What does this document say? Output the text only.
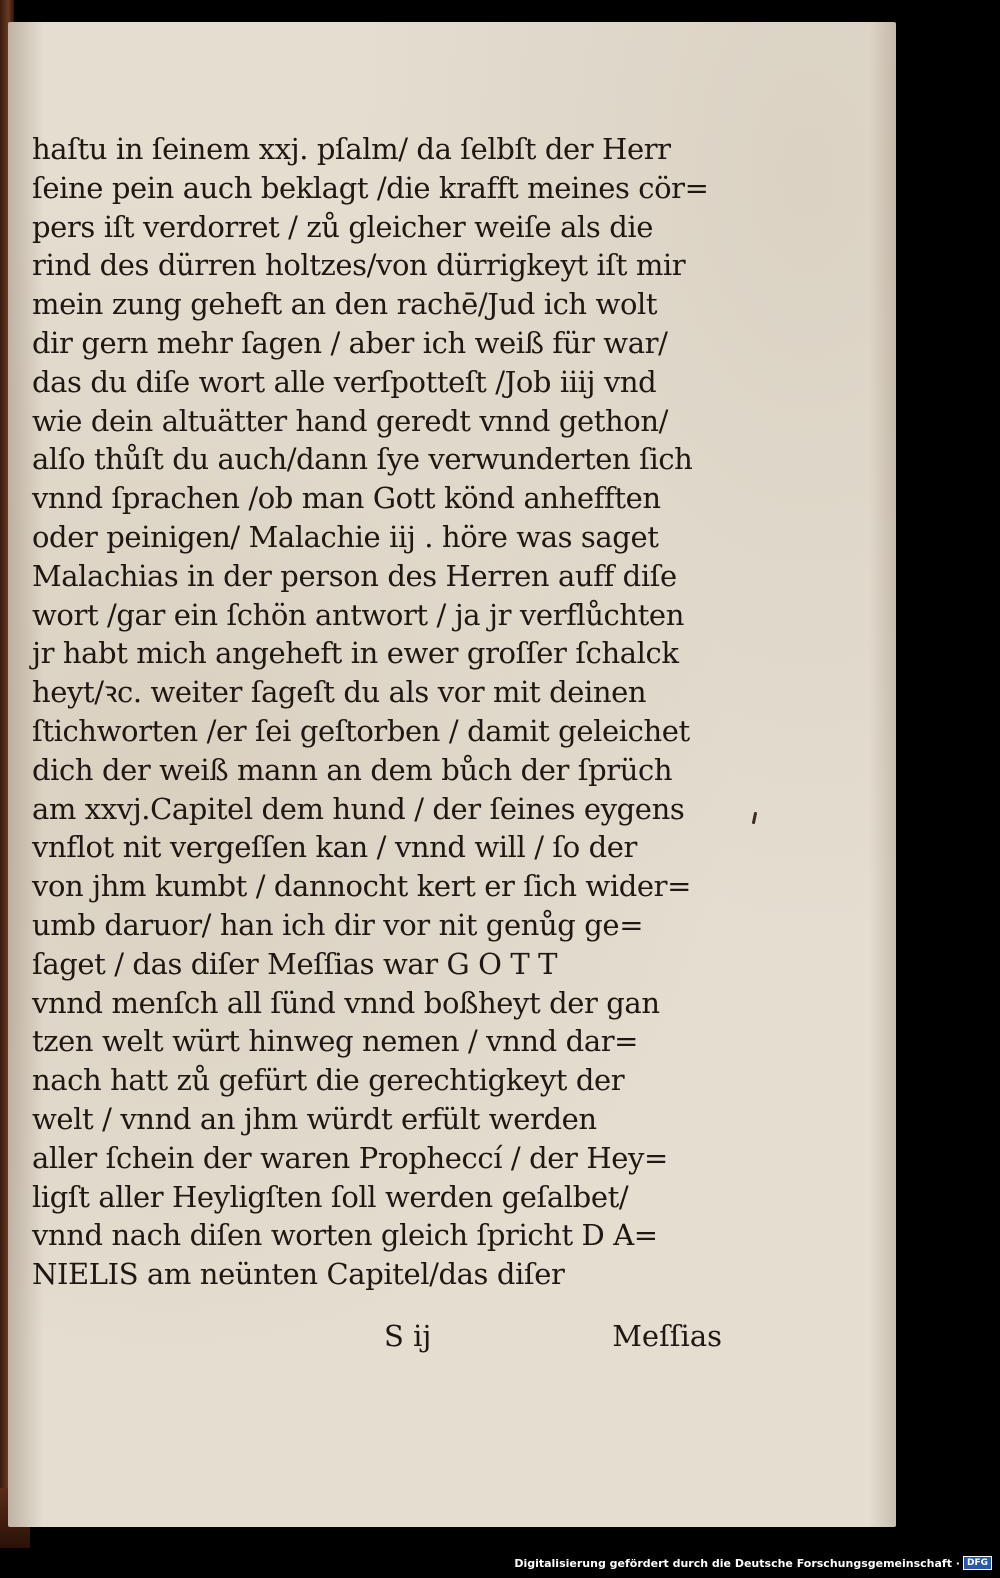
haſtu in ſeinem xxj. pſalm/ da ſelbſt der Herr
ſeine pein auch beklagt /die krafft meines cör=
pers iſt verdorret / zů gleicher weiſe als die
rind des dürren holtzes/von dürrigkeyt iſt mir
mein zung geheft an den rachē/Jud ich wolt
dir gern mehr ſagen / aber ich weiß für war/
das du diſe wort alle verſpotteſt /Job iiij vnd
wie dein altuätter hand geredt vnnd gethon/
alſo thůſt du auch/dann ſye verwunderten ſich
vnnd ſprachen /ob man Gott könd anhefften
oder peinigen/ Malachie iij . höre was saget
Malachias in der person des Herren auff diſe
wort /gar ein ſchön antwort / ja jr verflůchten
jr habt mich angeheft in ewer groſſer ſchalck
heyt/ꝛc. weiter ſageſt du als vor mit deinen
ſtichworten /er ſei geſtorben / damit geleichet
dich der weiß mann an dem bůch der ſprüch
am xxvj.Capitel dem hund / der ſeines eygens
vnflot nit vergeſſen kan / vnnd will / ſo der
von jhm kumbt / dannocht kert er ſich wider=
umb daruor/ han ich dir vor nit genůg ge=
ſaget / das diſer Meſſias war G O T T
vnnd menſch all ſünd vnnd boßheyt der gan
tzen welt würt hinweg nemen / vnnd dar=
nach hatt zů gefürt die gerechtigkeyt der
welt / vnnd an jhm würdt erfült werden
aller ſchein der waren Propheccí / der Hey=
ligſt aller Heyligſten ſoll werden geſalbet/
vnnd nach diſen worten gleich ſpricht D A=
NIELIS am neünten Capitel/das diſer
S ij	Meſſias
Digitalisierung gefördert durch die Deutsche Forschungsgemeinschaft · DFG
